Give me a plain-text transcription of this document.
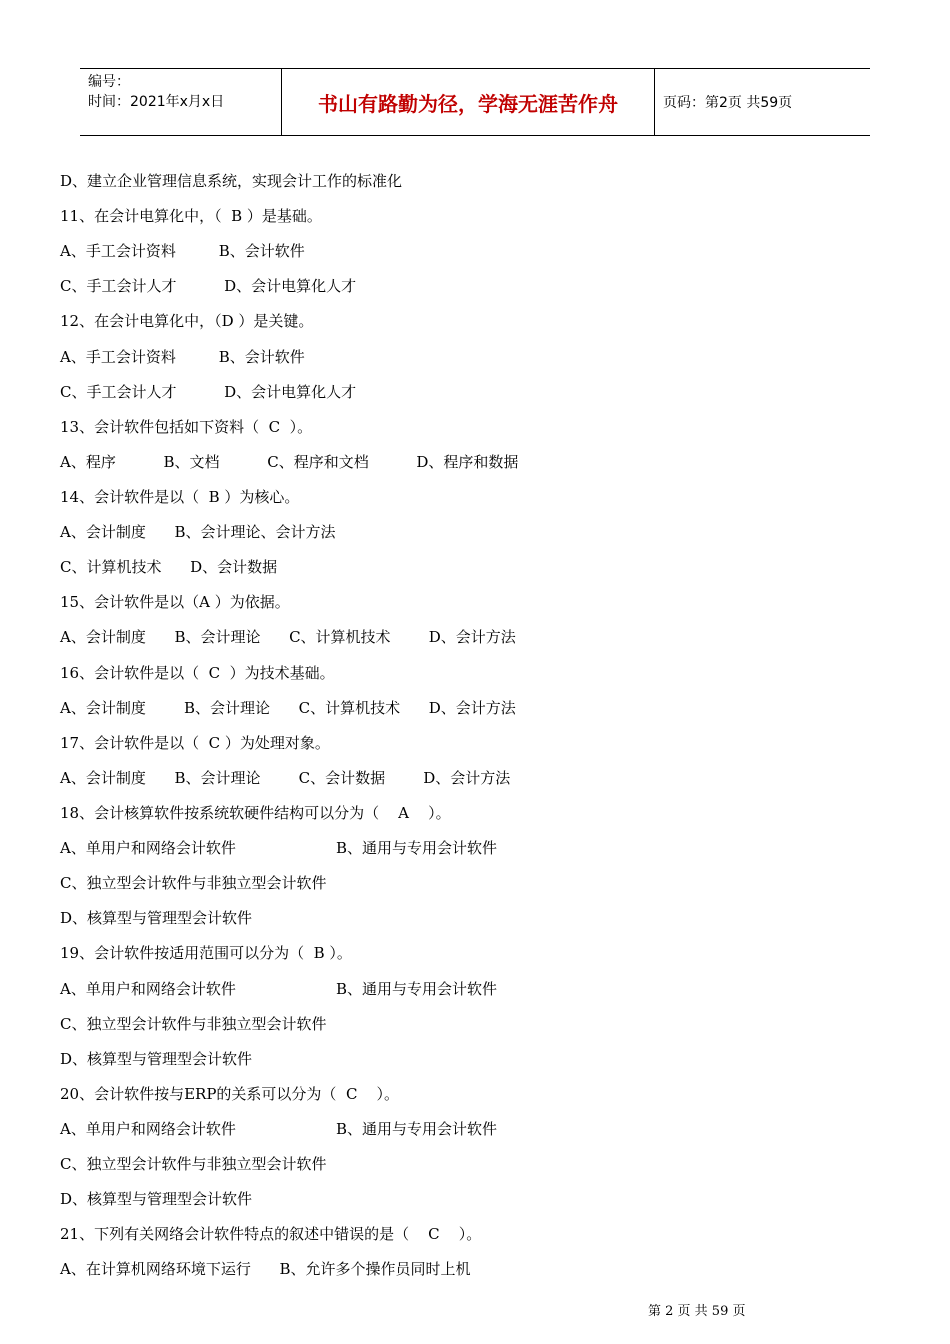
编号：
时间：2021年x月x日	书山有路勤为径，学海无涯苦作舟	页码：第2页 共59页
D、建立企业管理信息系统，实现会计工作的标准化
11、在会计电算化中，（  B ）是基础。
A、手工会计资料         B、会计软件
C、手工会计人才          D、会计电算化人才
12、在会计电算化中，（D ）是关键。
A、手工会计资料         B、会计软件
C、手工会计人才          D、会计电算化人才
13、会计软件包括如下资料（  C  ）。
A、程序          B、文档          C、程序和文档          D、程序和数据
14、会计软件是以（  B ）为核心。
A、会计制度      B、会计理论、会计方法
C、计算机技术      D、会计数据
15、会计软件是以（A ）为依据。
A、会计制度      B、会计理论      C、计算机技术        D、会计方法
16、会计软件是以（  C  ）为技术基础。
A、会计制度        B、会计理论      C、计算机技术      D、会计方法
17、会计软件是以（  C ）为处理对象。
A、会计制度      B、会计理论        C、会计数据        D、会计方法
18、会计核算软件按系统软硬件结构可以分为（    A    ）。
A、单用户和网络会计软件                     B、通用与专用会计软件
C、独立型会计软件与非独立型会计软件
D、核算型与管理型会计软件
19、会计软件按适用范围可以分为（  B ）。
A、单用户和网络会计软件                     B、通用与专用会计软件
C、独立型会计软件与非独立型会计软件
D、核算型与管理型会计软件
20、会计软件按与ERP的关系可以分为（  C    ）。
A、单用户和网络会计软件                     B、通用与专用会计软件
C、独立型会计软件与非独立型会计软件
D、核算型与管理型会计软件
21、下列有关网络会计软件特点的叙述中错误的是（    C    ）。
A、在计算机网络环境下运行      B、允许多个操作员同时上机
第 2 页 共 59 页
